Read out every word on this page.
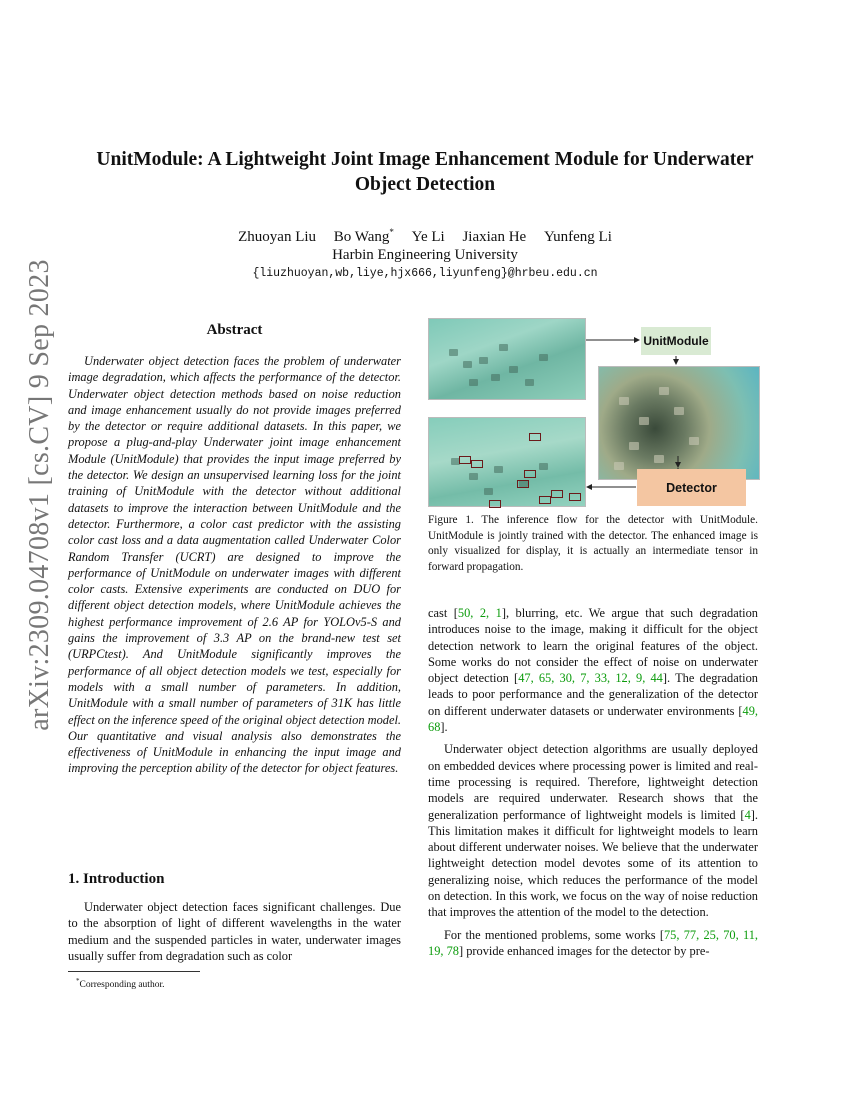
arXiv:2309.04708v1 [cs.CV] 9 Sep 2023
UnitModule: A Lightweight Joint Image Enhancement Module for Underwater
Object Detection
Zhuoyan Liu Bo Wang* Ye Li Jiaxian He Yunfeng Li
Harbin Engineering University
{liuzhuoyan,wb,liye,hjx666,liyunfeng}@hrbeu.edu.cn
Abstract
Underwater object detection faces the problem of underwater image degradation, which affects the performance of the detector. Underwater object detection methods based on noise reduction and image enhancement usually do not provide images preferred by the detector or require additional datasets. In this paper, we propose a plug-and-play Underwater joint image enhancement Module (UnitModule) that provides the input image preferred by the detector. We design an unsupervised learning loss for the joint training of UnitModule with the detector without additional datasets to improve the interaction between UnitModule and the detector. Furthermore, a color cast predictor with the assisting color cast loss and a data augmentation called Underwater Color Random Transfer (UCRT) are designed to improve the performance of UnitModule on underwater images with different color casts. Extensive experiments are conducted on DUO for different object detection models, where UnitModule achieves the highest performance improvement of 2.6 AP for YOLOv5-S and gains the improvement of 3.3 AP on the brand-new test set (URPCtest). And UnitModule significantly improves the performance of all object detection models we test, especially for models with a small number of parameters. In addition, UnitModule with a small number of parameters of 31K has little effect on the inference speed of the original object detection model. Our quantitative and visual analysis also demonstrates the effectiveness of UnitModule in enhancing the input image and improving the perception ability of the detector for object features.
1. Introduction
Underwater object detection faces significant challenges. Due to the absorption of light of different wavelengths in the water medium and the suspended particles in water, underwater images usually suffer from degradation such as color
*Corresponding author.
UnitModule
Detector
Figure 1. The inference flow for the detector with UnitModule. UnitModule is jointly trained with the detector. The enhanced image is only visualized for display, it is actually an intermediate tensor in forward propagation.

cast [50, 2, 1], blurring, etc. We argue that such degradation introduces noise to the image, making it difficult for the object detection network to learn the original features of the object. Some works do not consider the effect of noise on underwater object detection [47, 65, 30, 7, 33, 12, 9, 44]. The degradation leads to poor performance and the generalization of the detector on different underwater datasets or underwater environments [49, 68].

Underwater object detection algorithms are usually deployed on embedded devices where processing power is limited and real-time processing is required. Therefore, lightweight detection models are required underwater. Research shows that the generalization performance of lightweight models is limited [4]. This limitation makes it difficult for lightweight models to learn about different underwater noises. We believe that the underwater lightweight detection model devotes some of its attention to generalizing noise, which reduces the performance of the model on detection. In this work, we focus on the way of noise reduction that improves the attention of the model to the detection.

For the mentioned problems, some works [75, 77, 25, 70, 11, 19, 78] provide enhanced images for the detector by pre-
